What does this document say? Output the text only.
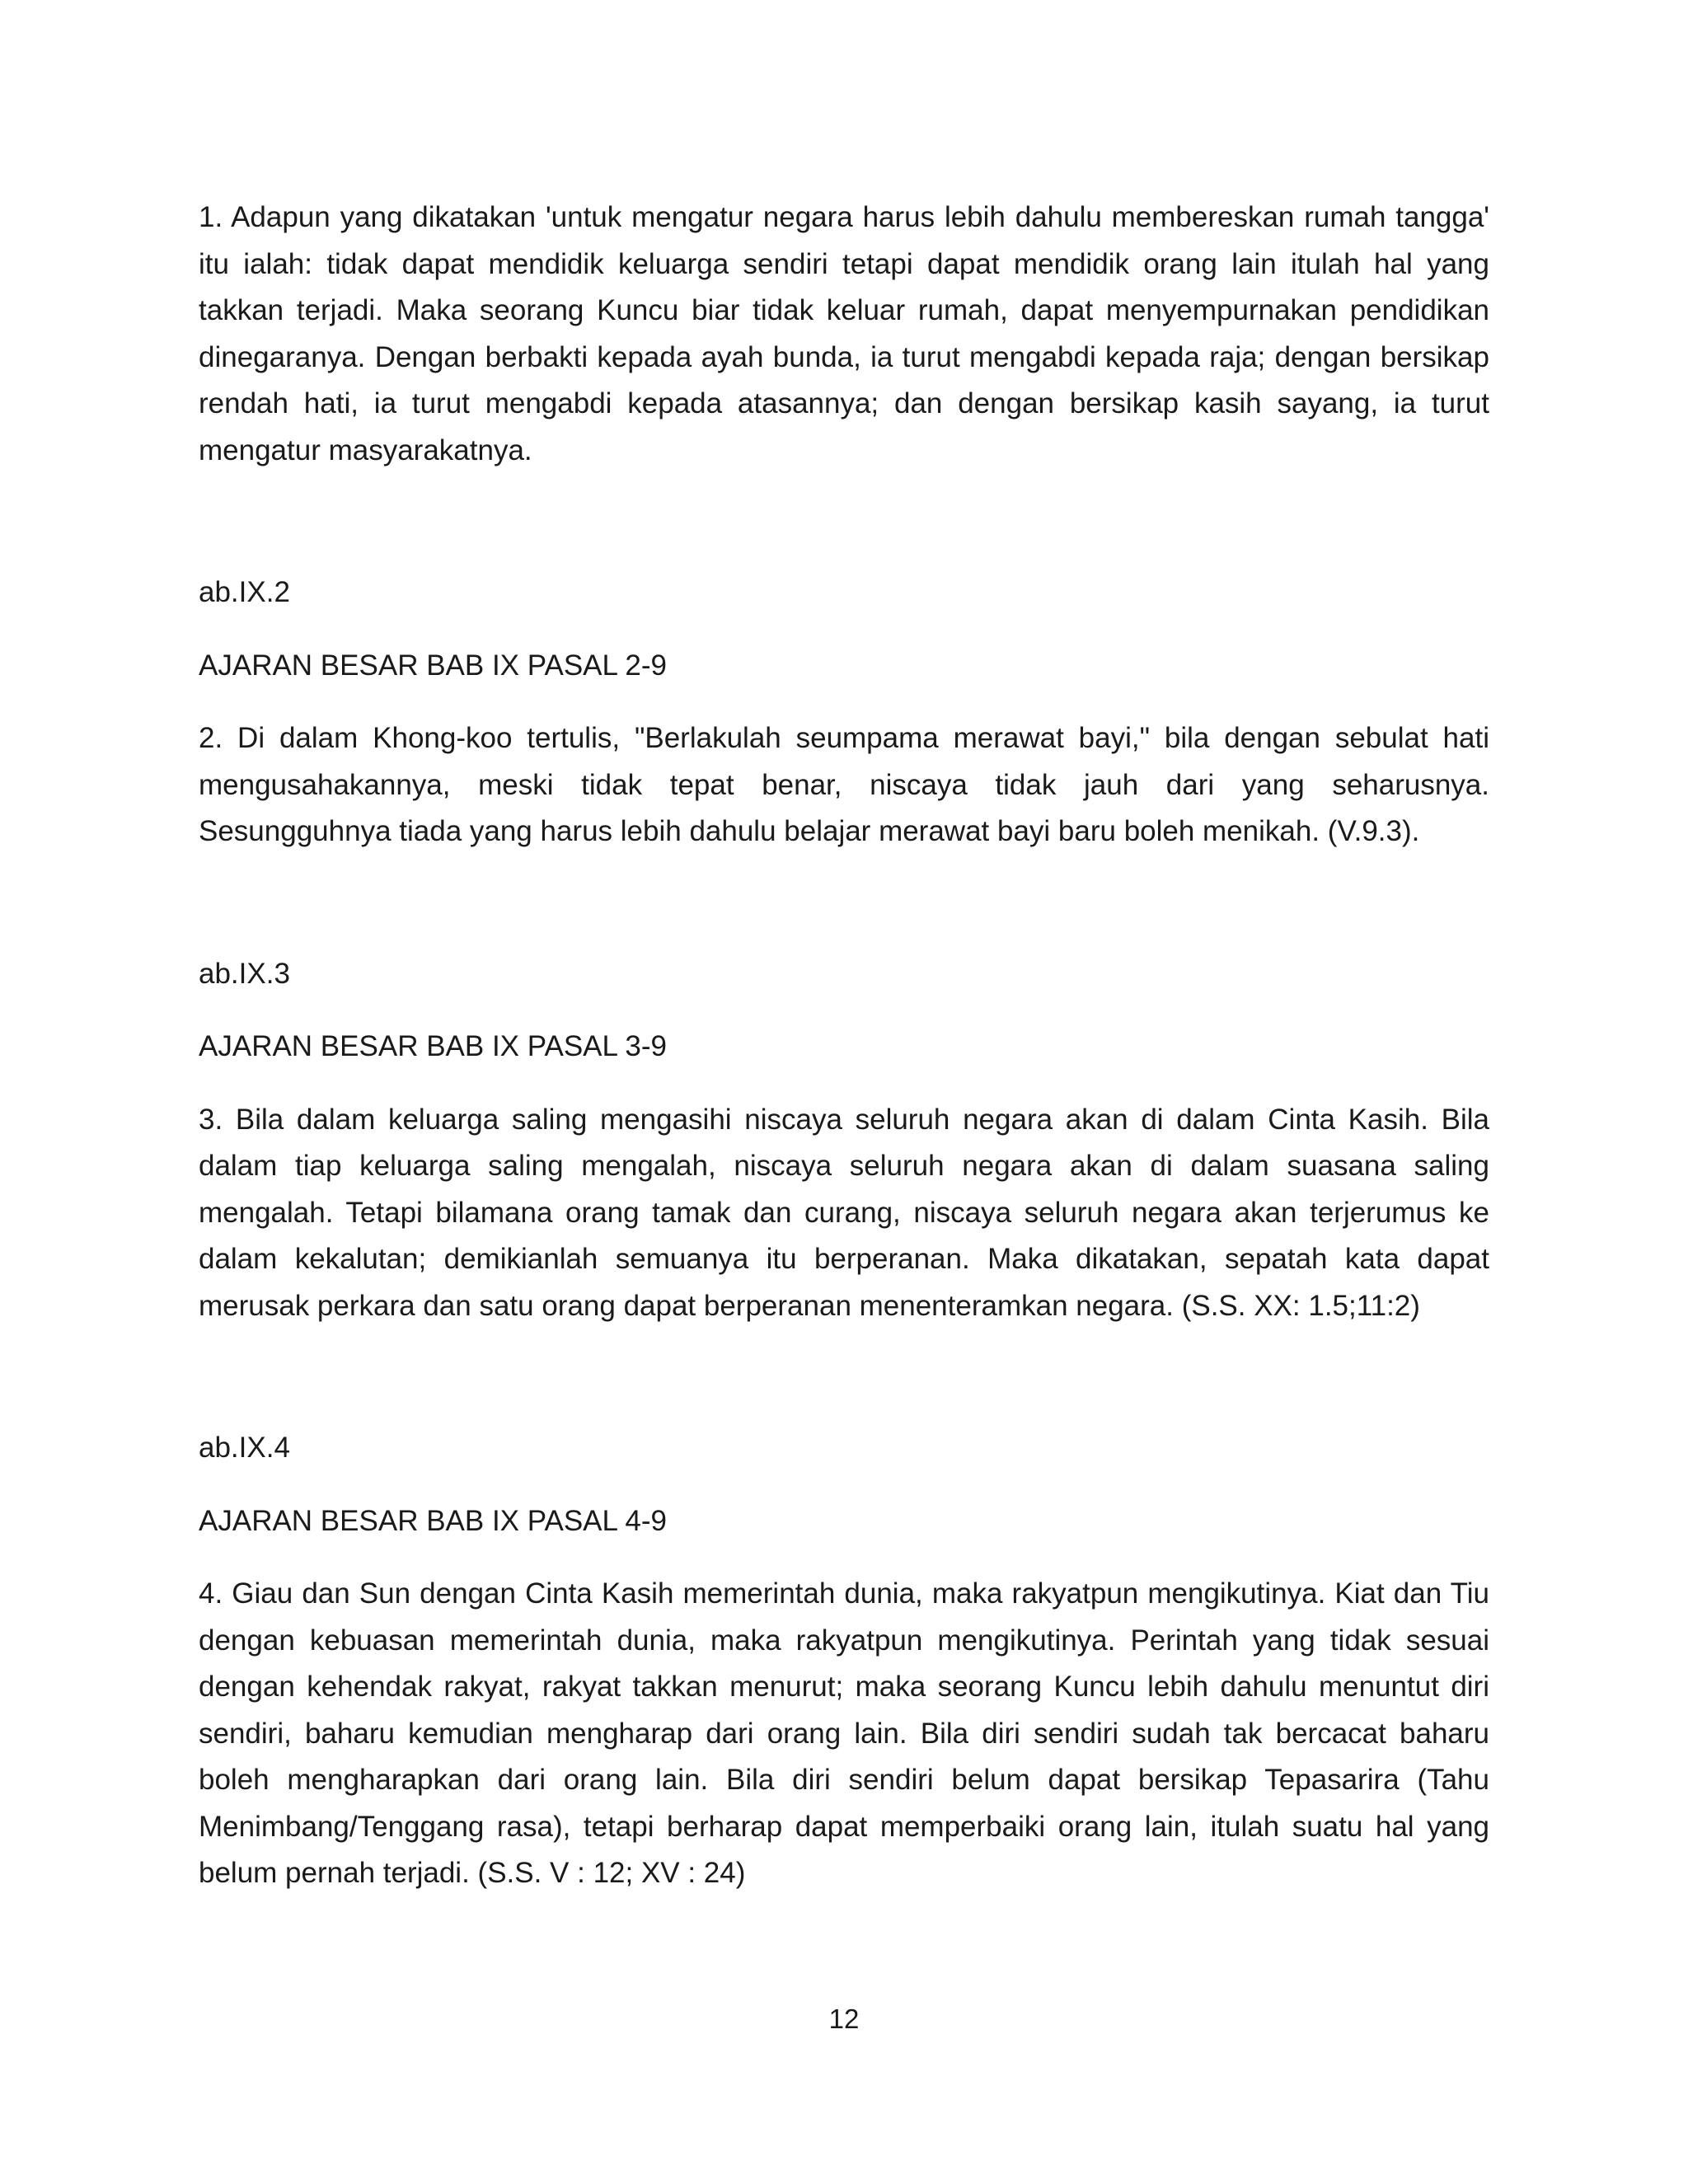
1. Adapun yang dikatakan 'untuk mengatur negara harus lebih dahulu membereskan rumah tangga' itu ialah: tidak dapat mendidik keluarga sendiri tetapi dapat mendidik orang lain itulah hal yang takkan terjadi. Maka seorang Kuncu biar tidak keluar rumah, dapat menyempurnakan pendidikan dinegaranya. Dengan berbakti kepada ayah bunda, ia turut mengabdi kepada raja; dengan bersikap rendah hati, ia turut mengabdi kepada atasannya; dan dengan bersikap kasih sayang, ia turut mengatur masyarakatnya.

ab.IX.2

AJARAN BESAR BAB IX PASAL 2-9

2. Di dalam Khong-koo tertulis, "Berlakulah seumpama merawat bayi," bila dengan sebulat hati mengusahakannya, meski tidak tepat benar, niscaya tidak jauh dari yang seharusnya. Sesungguhnya tiada yang harus lebih dahulu belajar merawat bayi baru boleh menikah. (V.9.3).

ab.IX.3

AJARAN BESAR BAB IX PASAL 3-9

3. Bila dalam keluarga saling mengasihi niscaya seluruh negara akan di dalam Cinta Kasih. Bila dalam tiap keluarga saling mengalah, niscaya seluruh negara akan di dalam suasana saling mengalah. Tetapi bilamana orang tamak dan curang, niscaya seluruh negara akan terjerumus ke dalam kekalutan; demikianlah semuanya itu berperanan. Maka dikatakan, sepatah kata dapat merusak perkara dan satu orang dapat berperanan menenteramkan negara. (S.S. XX: 1.5;11:2)

ab.IX.4

AJARAN BESAR BAB IX PASAL 4-9

4. Giau dan Sun dengan Cinta Kasih memerintah dunia, maka rakyatpun mengikutinya. Kiat dan Tiu dengan kebuasan memerintah dunia, maka rakyatpun mengikutinya. Perintah yang tidak sesuai dengan kehendak rakyat, rakyat takkan menurut; maka seorang Kuncu lebih dahulu menuntut diri sendiri, baharu kemudian mengharap dari orang lain. Bila diri sendiri sudah tak bercacat baharu boleh mengharapkan dari orang lain. Bila diri sendiri belum dapat bersikap Tepasarira (Tahu Menimbang/Tenggang rasa), tetapi berharap dapat memperbaiki orang lain, itulah suatu hal yang belum pernah terjadi. (S.S. V : 12; XV : 24)

12
